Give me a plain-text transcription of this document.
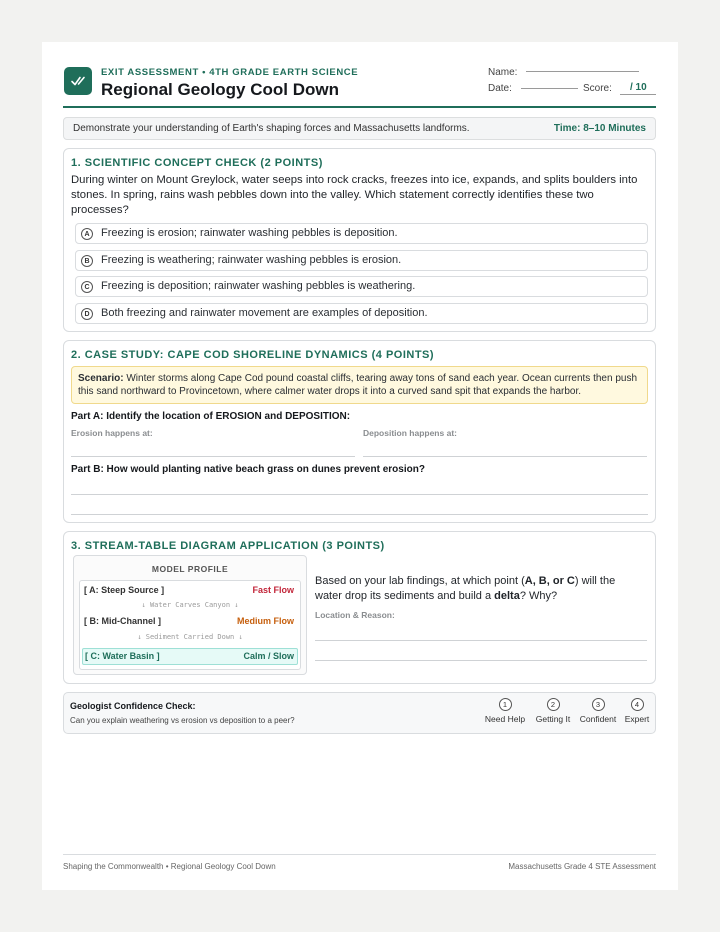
EXIT ASSESSMENT • 4TH GRADE EARTH SCIENCE
Regional Geology Cool Down
Name:
Date:	Score:	/ 10
Demonstrate your understanding of Earth's shaping forces and Massachusetts landforms.	Time: 8–10 Minutes
1. SCIENTIFIC CONCEPT CHECK (2 POINTS)
During winter on Mount Greylock, water seeps into rock cracks, freezes into ice, expands, and splits boulders into stones. In spring, rains wash pebbles down into the valley. Which statement correctly identifies these two processes?
A	Freezing is erosion; rainwater washing pebbles is deposition.
B	Freezing is weathering; rainwater washing pebbles is erosion.
C	Freezing is deposition; rainwater washing pebbles is weathering.
D	Both freezing and rainwater movement are examples of deposition.
2. CASE STUDY: CAPE COD SHORELINE DYNAMICS (4 POINTS)
Scenario: Winter storms along Cape Cod pound coastal cliffs, tearing away tons of sand each year. Ocean currents then push this sand northward to Provincetown, where calmer water drops it into a curved sand spit that expands the harbor.
Part A: Identify the location of EROSION and DEPOSITION:
Erosion happens at:	Deposition happens at:
Part B: How would planting native beach grass on dunes prevent erosion?
3. STREAM-TABLE DIAGRAM APPLICATION (3 POINTS)
MODEL PROFILE
[ A: Steep Source ]	Fast Flow
↓ Water Carves Canyon ↓
[ B: Mid-Channel ]	Medium Flow
↓ Sediment Carried Down ↓
[ C: Water Basin ]	Calm / Slow
Based on your lab findings, at which point (A, B, or C) will the water drop its sediments and build a delta? Why?
Location & Reason:
Geologist Confidence Check:
Can you explain weathering vs erosion vs deposition to a peer?
1
Need Help
2
Getting It
3
Confident
4
Expert
Shaping the Commonwealth • Regional Geology Cool Down	Massachusetts Grade 4 STE Assessment
